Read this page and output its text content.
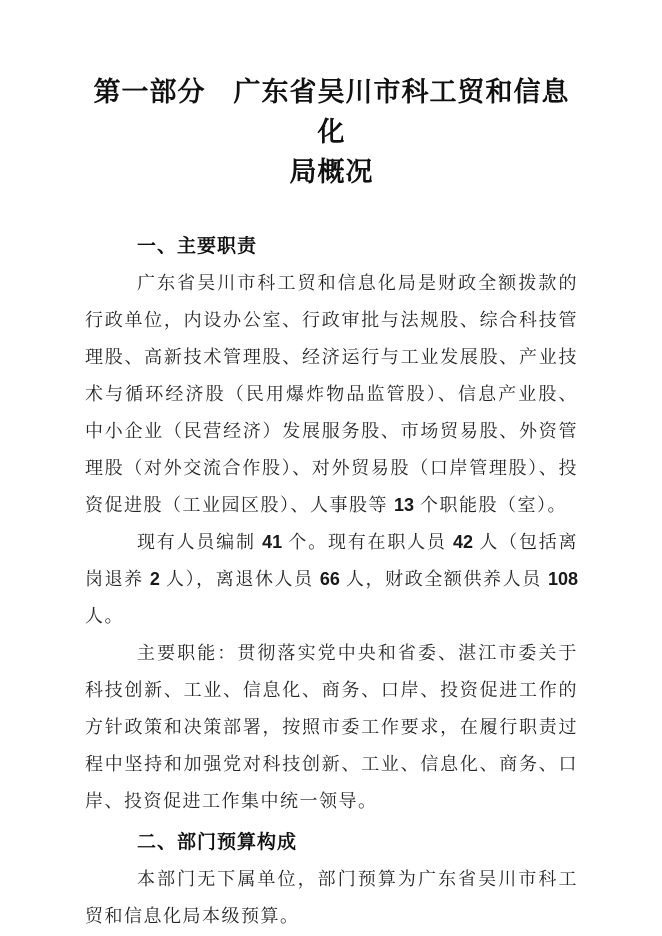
第一部分　广东省吴川市科工贸和信息化
局概况
一、主要职责

广东省吴川市科工贸和信息化局是财政全额拨款的行政单位，内设办公室、行政审批与法规股、综合科技管理股、高新技术管理股、经济运行与工业发展股、产业技术与循环经济股（民用爆炸物品监管股）、信息产业股、中小企业（民营经济）发展服务股、市场贸易股、外资管理股（对外交流合作股）、对外贸易股（口岸管理股）、投资促进股（工业园区股）、人事股等 13 个职能股（室）。

现有人员编制 41 个。现有在职人员 42 人（包括离岗退养 2 人），离退休人员 66 人，财政全额供养人员 108 人。

主要职能：贯彻落实党中央和省委、湛江市委关于科技创新、工业、信息化、商务、口岸、投资促进工作的方针政策和决策部署，按照市委工作要求，在履行职责过程中坚持和加强党对科技创新、工业、信息化、商务、口岸、投资促进工作集中统一领导。

二、部门预算构成

本部门无下属单位，部门预算为广东省吴川市科工贸和信息化局本级预算。
